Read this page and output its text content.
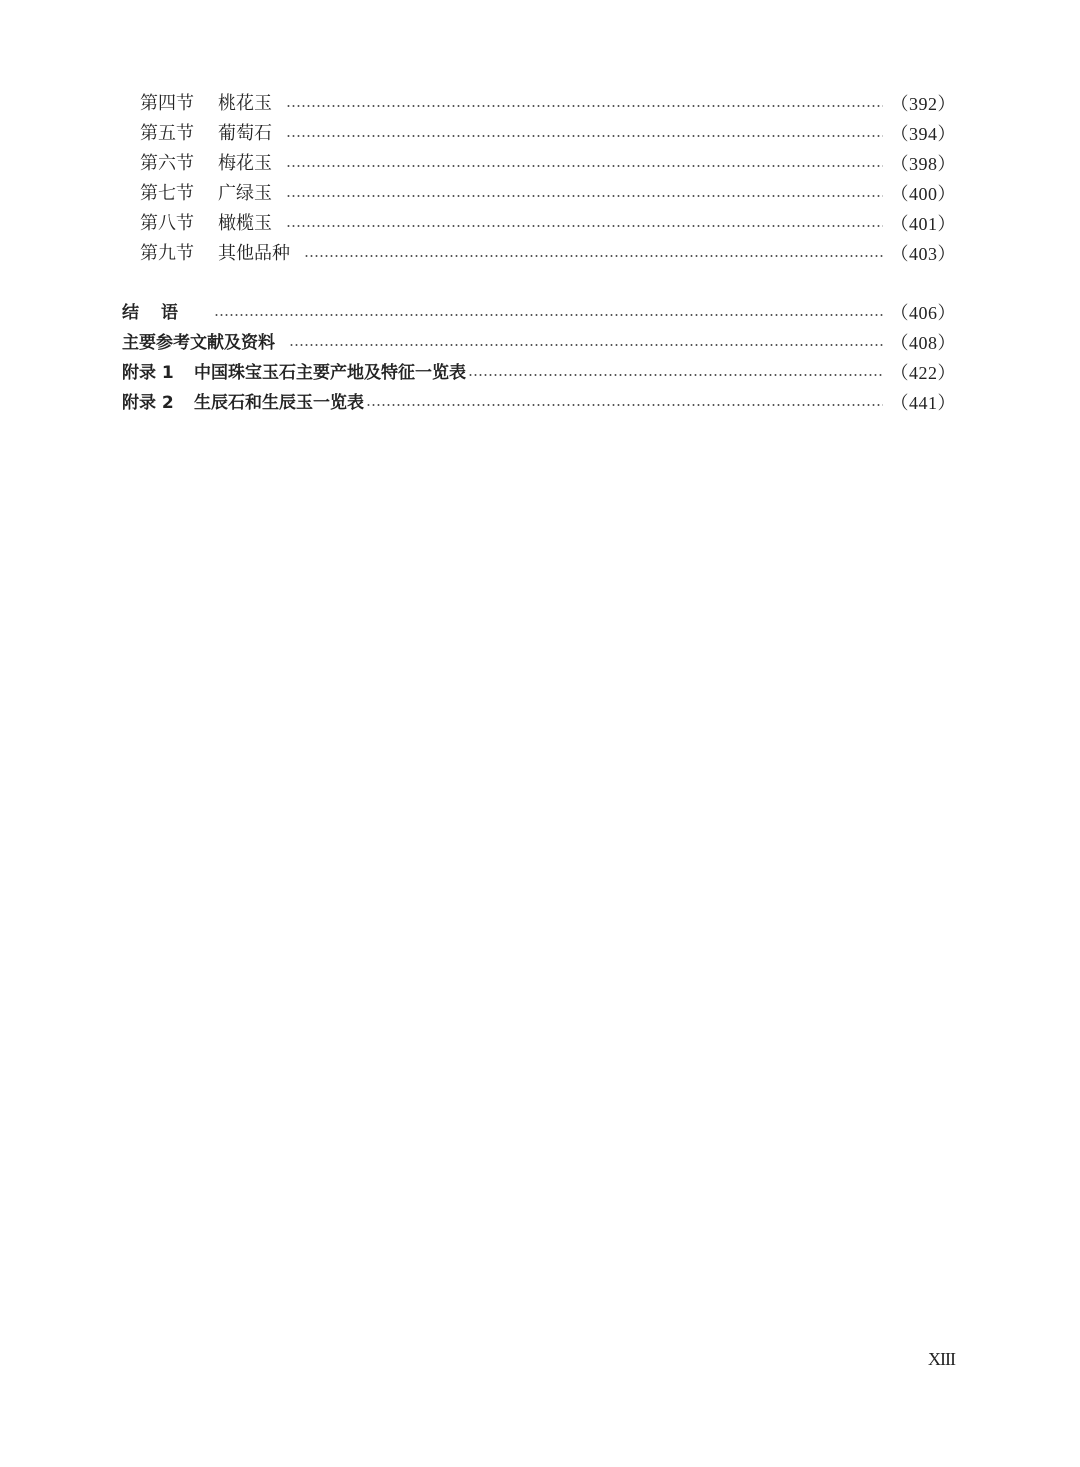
第四节	桃花玉	（392）
第五节	葡萄石	（394）
第六节	梅花玉	（398）
第七节	广绿玉	（400）
第八节	橄榄玉	（401）
第九节	其他品种	（403）
结语	（406）
主要参考文献及资料	（408）
附录 1	中国珠宝玉石主要产地及特征一览表	（422）
附录 2	生辰石和生辰玉一览表	（441）
XIII
